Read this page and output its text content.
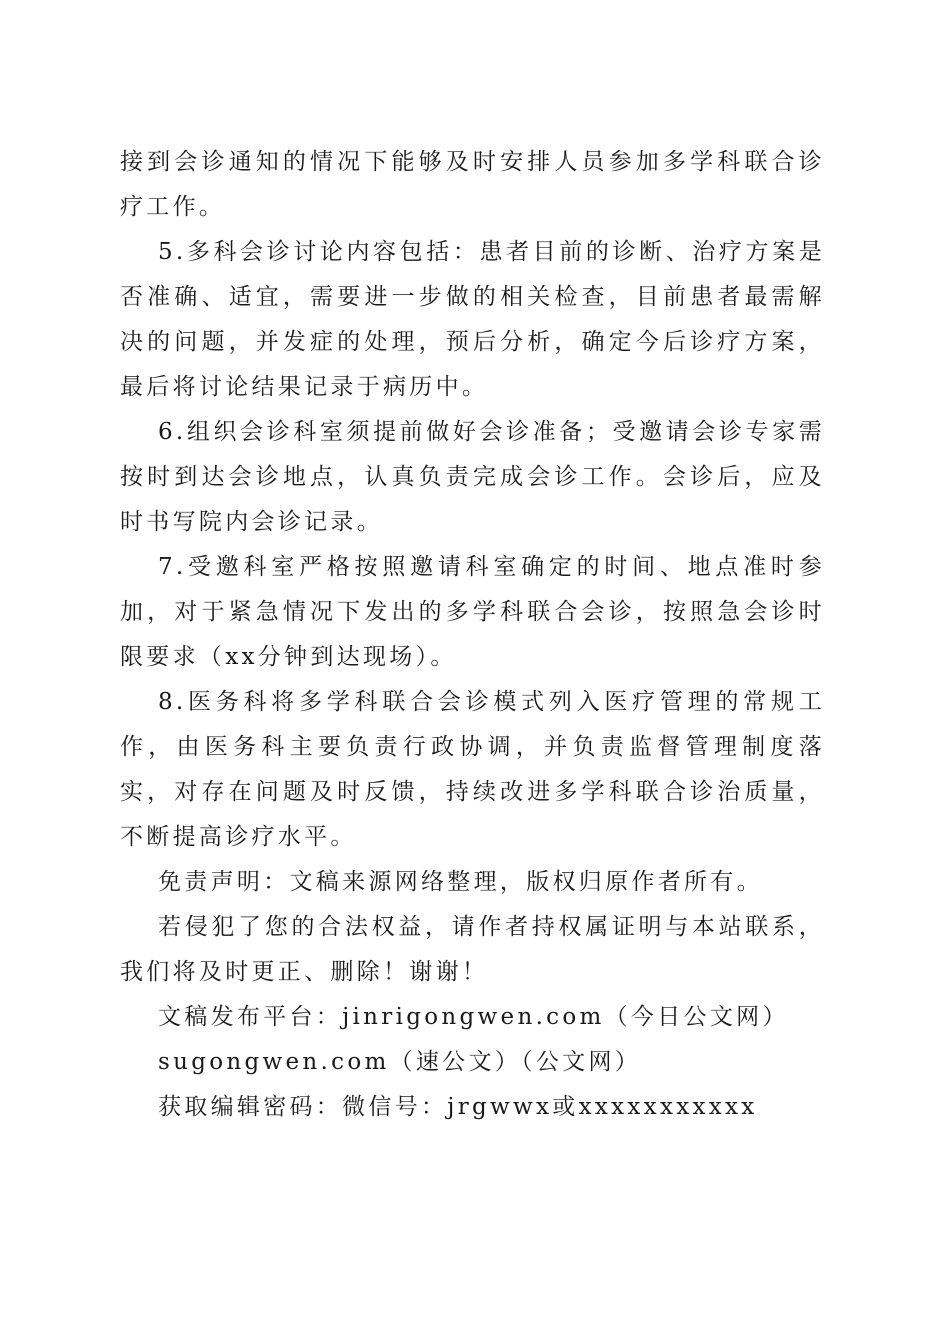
接到会诊通知的情况下能够及时安排人员参加多学科联合诊疗工作。

5.多科会诊讨论内容包括：患者目前的诊断、治疗方案是否准确、适宜，需要进一步做的相关检查，目前患者最需解决的问题，并发症的处理，预后分析，确定今后诊疗方案，最后将讨论结果记录于病历中。

6.组织会诊科室须提前做好会诊准备；受邀请会诊专家需按时到达会诊地点，认真负责完成会诊工作。会诊后，应及时书写院内会诊记录。

7.受邀科室严格按照邀请科室确定的时间、地点准时参加，对于紧急情况下发出的多学科联合会诊，按照急会诊时限要求（xx分钟到达现场）。

8.医务科将多学科联合会诊模式列入医疗管理的常规工作，由医务科主要负责行政协调，并负责监督管理制度落实，对存在问题及时反馈，持续改进多学科联合诊治质量，不断提高诊疗水平。

免责声明：文稿来源网络整理，版权归原作者所有。

若侵犯了您的合法权益，请作者持权属证明与本站联系，我们将及时更正、删除！谢谢！

文稿发布平台：jinrigongwen.com（今日公文网）

sugongwen.com（速公文）（公文网）

获取编辑密码：微信号：jrgwwx或xxxxxxxxxxx
